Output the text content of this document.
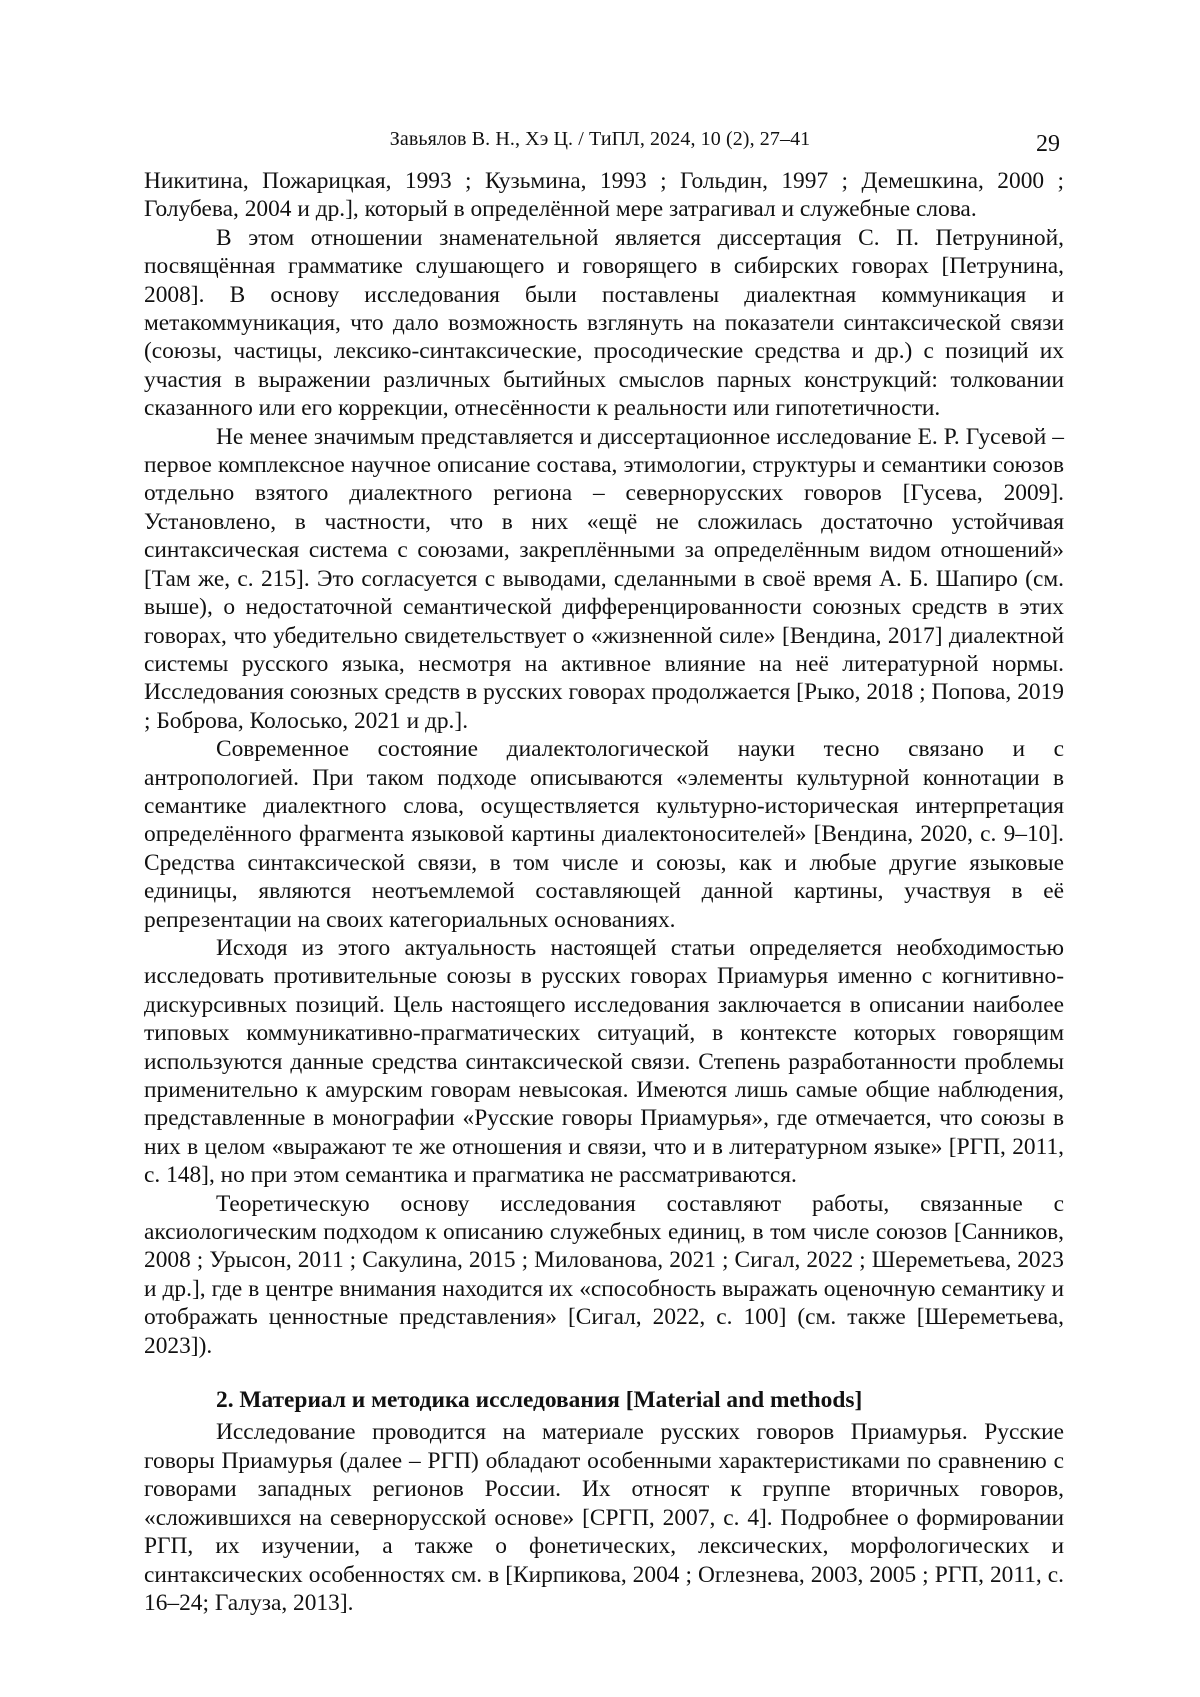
Завьялов В. Н., Хэ Ц. / ТиПЛ, 2024, 10 (2), 27–41	29

Никитина, Пожарицкая, 1993 ; Кузьмина, 1993 ; Гольдин, 1997 ; Демешкина, 2000 ; Голубева, 2004 и др.], который в определённой мере затрагивал и служебные слова.

В этом отношении знаменательной является диссертация С. П. Петруниной, посвящённая грамматике слушающего и говорящего в сибирских говорах [Петрунина, 2008]. В основу исследования были поставлены диалектная коммуникация и метакоммуникация, что дало возможность взглянуть на показатели синтаксической связи (союзы, частицы, лексико-синтаксические, просодические средства и др.) с позиций их участия в выражении различных бытийных смыслов парных конструкций: толковании сказанного или его коррекции, отнесённости к реальности или гипотетичности.

Не менее значимым представляется и диссертационное исследование Е. Р. Гусевой – первое комплексное научное описание состава, этимологии, структуры и семантики союзов отдельно взятого диалектного региона – севернорусских говоров [Гусева, 2009]. Установлено, в частности, что в них «ещё не сложилась достаточно устойчивая синтаксическая система с союзами, закреплёнными за определённым видом отношений» [Там же, с. 215]. Это согласуется с выводами, сделанными в своё время А. Б. Шапиро (см. выше), о недостаточной семантической дифференцированности союзных средств в этих говорах, что убедительно свидетельствует о «жизненной силе» [Вендина, 2017] диалектной системы русского языка, несмотря на активное влияние на неё литературной нормы. Исследования союзных средств в русских говорах продолжается [Рыко, 2018 ; Попова, 2019 ; Боброва, Колосько, 2021 и др.].

Современное состояние диалектологической науки тесно связано и с антропологией. При таком подходе описываются «элементы культурной коннотации в семантике диалектного слова, осуществляется культурно-историческая интерпретация определённого фрагмента языковой картины диалектоносителей» [Вендина, 2020, с. 9–10]. Средства синтаксической связи, в том числе и союзы, как и любые другие языковые единицы, являются неотъемлемой составляющей данной картины, участвуя в её репрезентации на своих категориальных основаниях.

Исходя из этого актуальность настоящей статьи определяется необходимостью исследовать противительные союзы в русских говорах Приамурья именно с когнитивно-дискурсивных позиций. Цель настоящего исследования заключается в описании наиболее типовых коммуникативно-прагматических ситуаций, в контексте которых говорящим используются данные средства синтаксической связи. Степень разработанности проблемы применительно к амурским говорам невысокая. Имеются лишь самые общие наблюдения, представленные в монографии «Русские говоры Приамурья», где отмечается, что союзы в них в целом «выражают те же отношения и связи, что и в литературном языке» [РГП, 2011, с. 148], но при этом семантика и прагматика не рассматриваются.

Теоретическую основу исследования составляют работы, связанные с аксиологическим подходом к описанию служебных единиц, в том числе союзов [Санников, 2008 ; Урысон, 2011 ; Сакулина, 2015 ; Милованова, 2021 ; Сигал, 2022 ; Шереметьева, 2023 и др.], где в центре внимания находится их «способность выражать оценочную семантику и отображать ценностные представления» [Сигал, 2022, с. 100] (см. также [Шереметьева, 2023]).

2. Материал и методика исследования [Material and methods]

Исследование проводится на материале русских говоров Приамурья. Русские говоры Приамурья (далее – РГП) обладают особенными характеристиками по сравнению с говорами западных регионов России. Их относят к группе вторичных говоров, «сложившихся на севернорусской основе» [СРГП, 2007, с. 4]. Подробнее о формировании РГП, их изучении, а также о фонетических, лексических, морфологических и синтаксических особенностях см. в [Кирпикова, 2004 ; Оглезнева, 2003, 2005 ; РГП, 2011, с. 16–24; Галуза, 2013].
